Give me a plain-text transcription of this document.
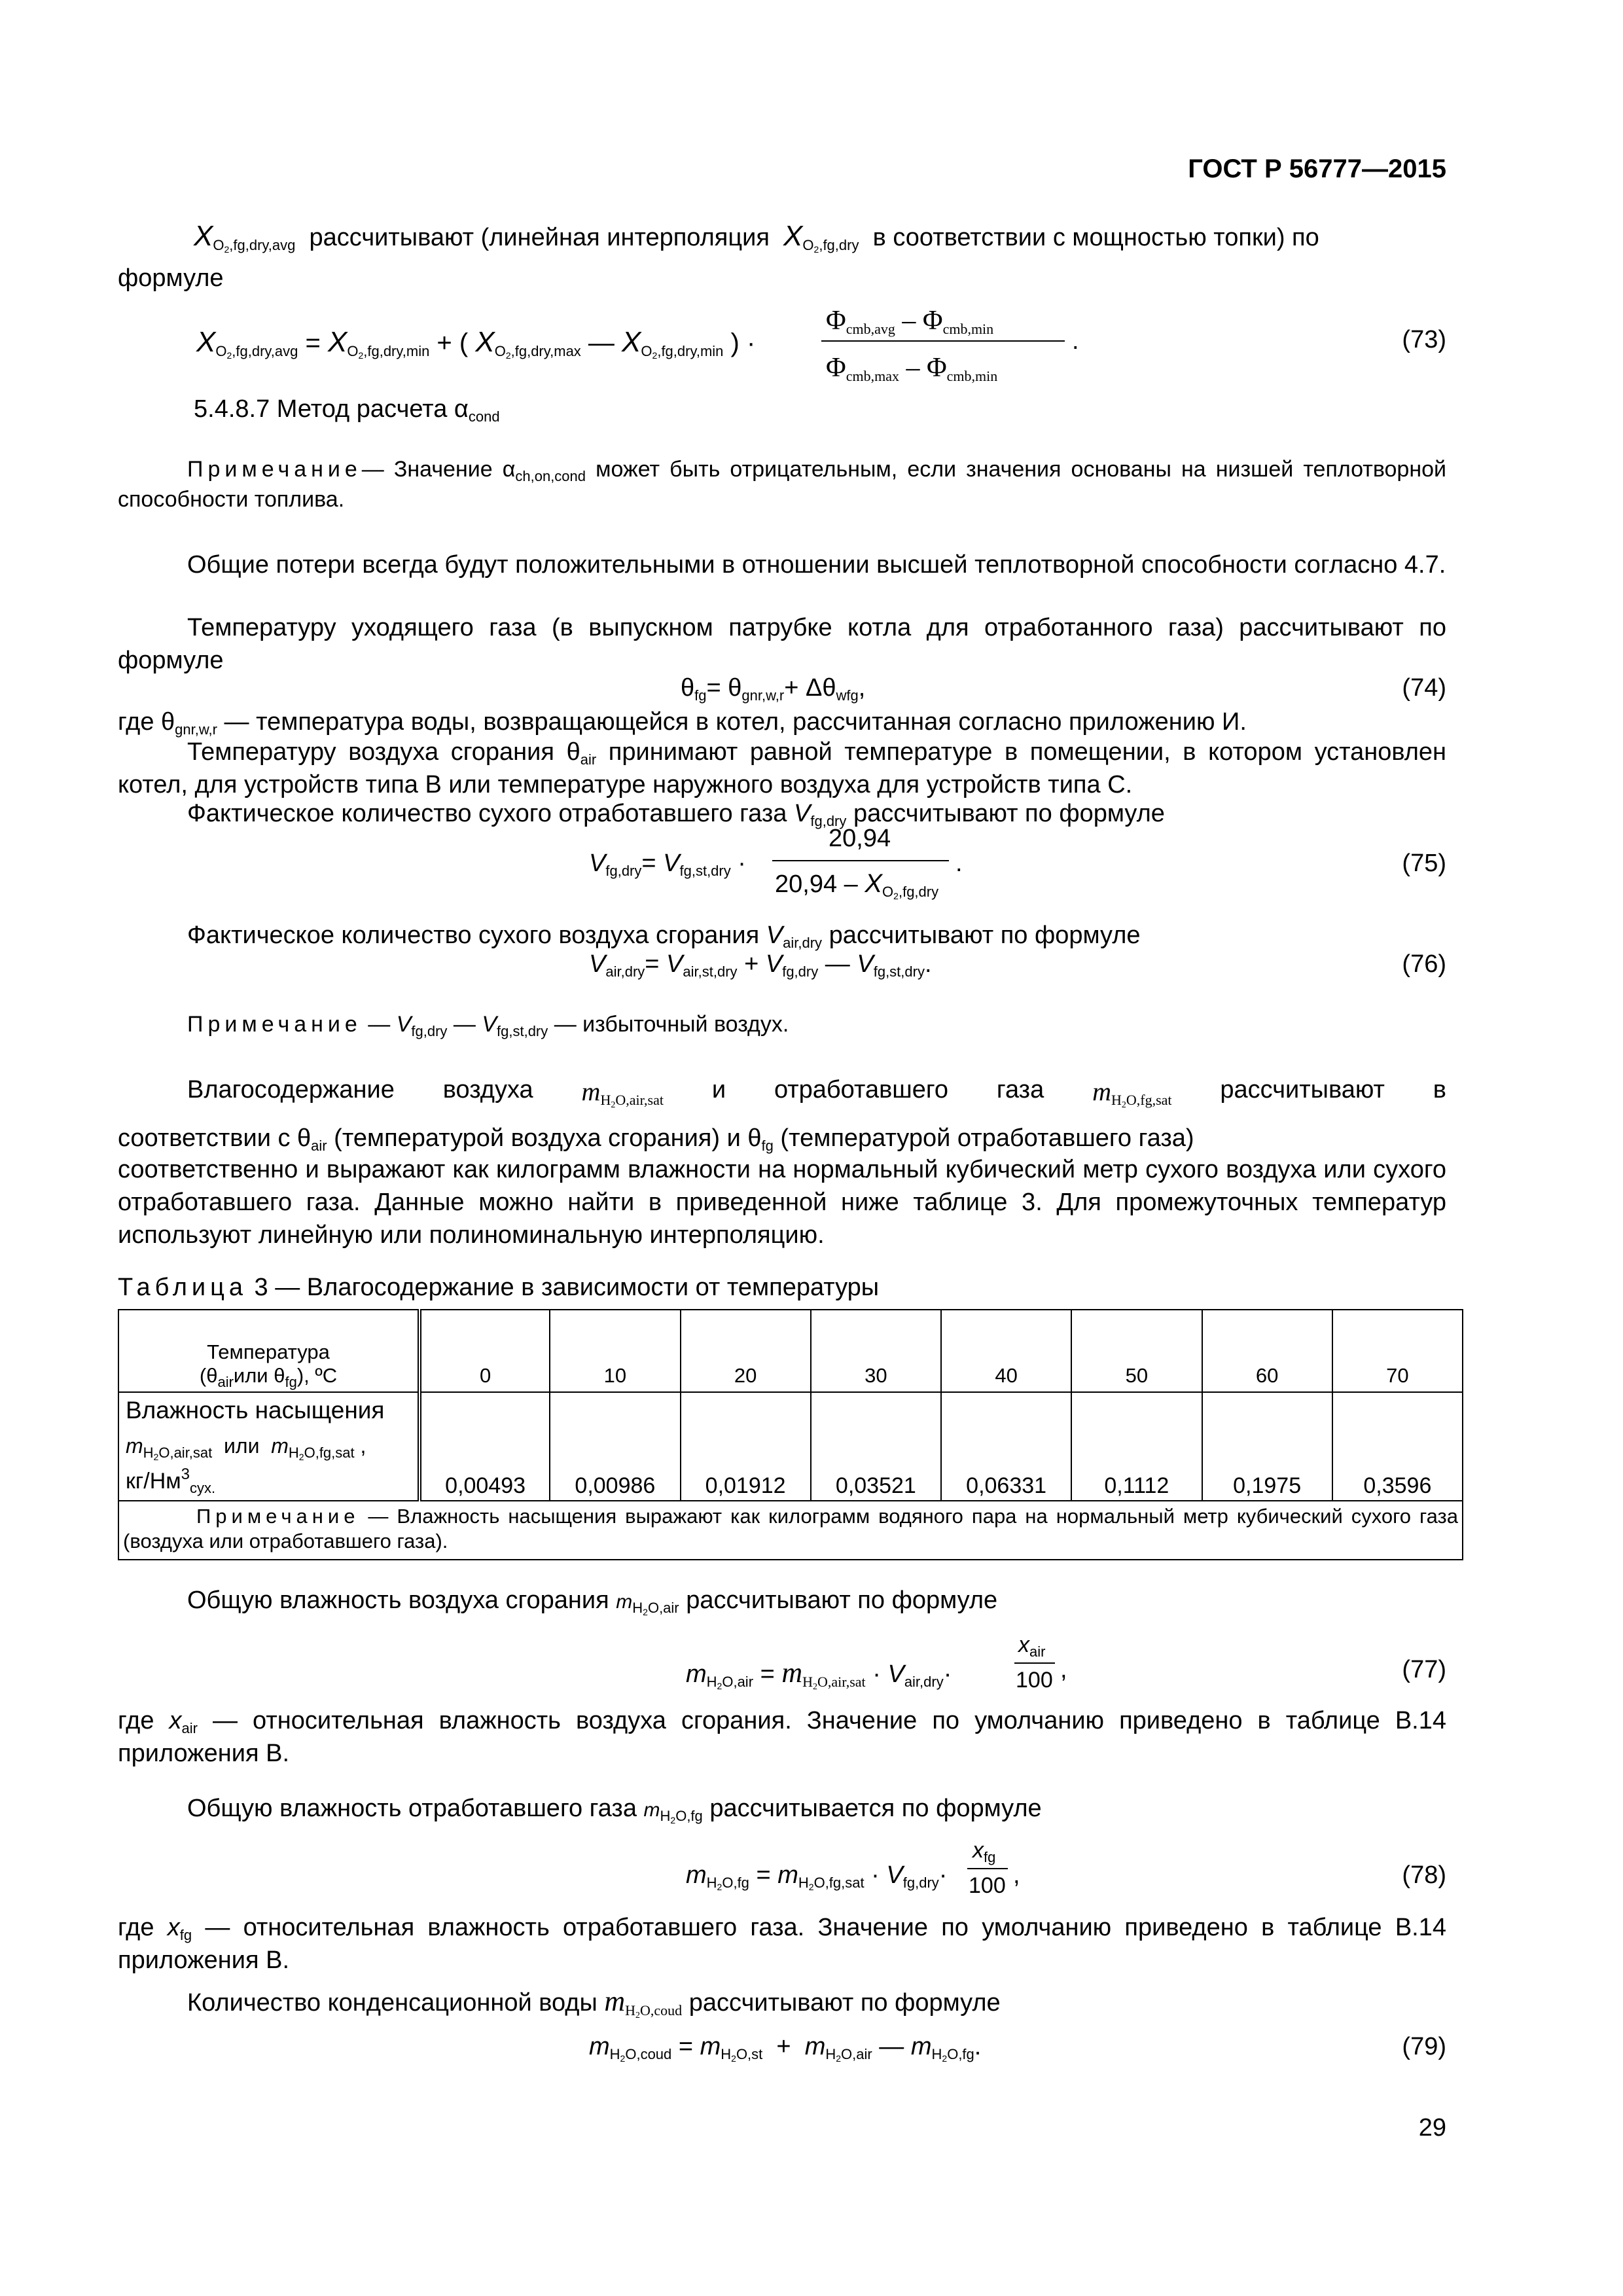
ГОСТ Р 56777—2015
$X_{O2,fg,dry,avg}$ рассчитывают (линейная интерполяция $X_{O2,fg,dry}$ в соответствии с мощностью топки) по
формуле
$X_{O2,fg,dry,avg} = X_{O2,fg,dry,min}$ + ( $X_{O2,fg,dry,max}$ — $X_{O2,fg,dry,min}$ ) ·
$\Phi_{cmb,avg} - \Phi_{cmb,min}$
$\Phi_{cmb,max} - \Phi_{cmb,min}$
.	(73)
5.4.8.7 Метод расчета $\alpha_{cond}$
Примечание— Значение $\alpha_{ch,on,cond}$ может быть отрицательным, если значения основаны на низшей теплотворной способности топлива.
Общие потери всегда будут положительными в отношении высшей теплотворной способности согласно 4.7.
Температуру уходящего газа (в выпускном патрубке котла для отработанного газа) рассчитывают по формуле
$\theta_{fg}= \theta_{gnr,w,r}+ \Delta\theta_{wfg}$,	(74)
где $\theta_{gnr,w,r}$ — температура воды, возвращающейся в котел, рассчитанная согласно приложению И.
Температуру воздуха сгорания $\theta_{air}$ принимают равной температуре в помещении, в котором установлен котел, для устройств типа B или температуре наружного воздуха для устройств типа C.
Фактическое количество сухого отработавшего газа $V_{fg,dry}$ рассчитывают по формуле
$V_{fg,dry}= V_{fg,st,dry}$ ·
20,94
$20,94 - X_{O2,fg,dry}$
.	(75)
Фактическое количество сухого воздуха сгорания $V_{air,dry}$ рассчитывают по формуле
$V_{air,dry}= V_{air,st,dry} + V_{fg,dry}$ — $V_{fg,st,dry}$.	(76)
Примечание — $V_{fg,dry}$ — $V_{fg,st,dry}$ — избыточный воздух.
Влагосодержание воздуха $m_{H2O,air,sat}$ и отработавшего газа $m_{H2O,fg,sat}$ рассчитывают в
соответствии с $\theta_{air}$ (температурой воздуха сгорания) и $\theta_{fg}$ (температурой отработавшего газа)
соответственно и выражают как килограмм влажности на нормальный кубический метр сухого воздуха или сухого отработавшего газа. Данные можно найти в приведенной ниже таблице 3. Для промежуточных температур используют линейную или полиноминальную интерполяцию.
Таблица 3 — Влагосодержание в зависимости от температуры
Температура
($\theta_{air}или$ $\theta_{fg}$), ºC	0	10	20	30	40	50	60	70

Влажность насыщения
$m_{H2O,air,sat}$ или $m_{H2O,fg,sat}$ ,
$кг/Нм^3_{сух.}$	0,00493	0,00986	0,01912	0,03521	0,06331	0,1112	0,1975	0,3596
Примечание — Влажность насыщения выражают как килограмм водяного пара на нормальный метр кубический сухого газа (воздуха или отработавшего газа).								
Общую влажность воздуха сгорания $m_{H2O,air}$ рассчитывают по формуле
$m_{H2O,air} = m_{H2O,air,sat} \cdot V_{air,dry}\cdot$
$x_{air}$
100 ,	(77)
где $x_{air}$ — относительная влажность воздуха сгорания. Значение по умолчанию приведено в таблице В.14 приложения В.
Общую влажность отработавшего газа $m_{H2O,fg}$ рассчитывается по формуле
$m_{H2O,fg} = m_{H2O,fg,sat} \cdot V_{fg,dry}\cdot$
$x_{fg}$
100 ,	(78)
где $x_{fg}$ — относительная влажность отработавшего газа. Значение по умолчанию приведено в таблице В.14 приложения В.
Количество конденсационной воды $m_{H2O,coud}$ рассчитывают по формуле
$m_{H2O,coud} = m_{H2O,st} + m_{H2O,air}$ — $m_{H2O,fg}$.	(79)
29
